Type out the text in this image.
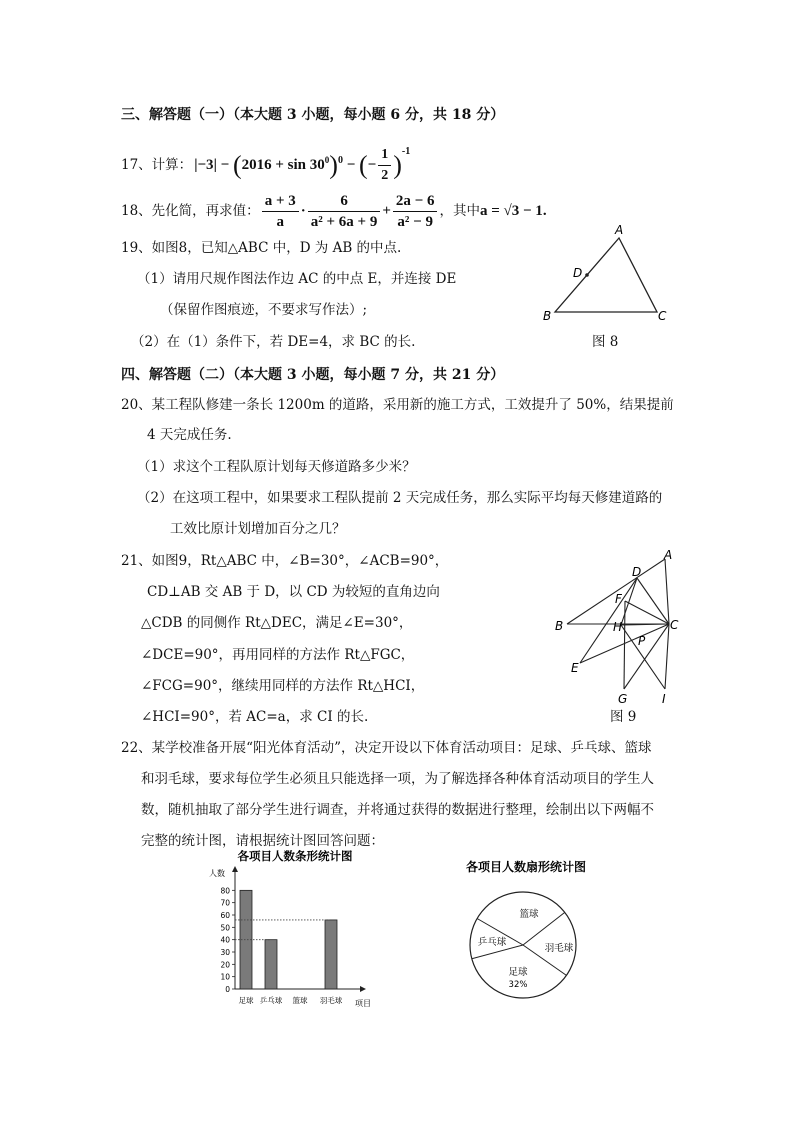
三、解答题（一）（本大题 3 小题，每小题 6 分，共 18 分）
17、计算： $|-3| - (2016 + \sin 30^0)^0$ − (− $\frac{1}{2} )^{-1}$
18、先化简，再求值： $\frac{a + 3}{a} \cdot \frac{6}{\text{a² + 6a + 9}} + \frac{2a - 6}{\text{a² − 9}}$ ，其中 a = √3 − 1 .
19、如图8，已知△ABC 中，D 为 AB 的中点.
（1）请用尺规作图法作边 AC 的中点 E，并连接 DE
（保留作图痕迹，不要求写作法）;
（2）在（1）条件下，若 DE=4，求 BC 的长.
A
D
B	C
图 8
四、解答题（二）（本大题 3 小题，每小题 7 分，共 21 分）
20、某工程队修建一条长 1200m 的道路，采用新的施工方式，工效提升了 50%，结果提前
4 天完成任务.
（1）求这个工程队原计划每天修道路多少米？
（2）在这项工程中，如果要求工程队提前 2 天完成任务，那么实际平均每天修建道路的
工效比原计划增加百分之几？
21、如图9，Rt△ABC 中，∠B=30°，∠ACB=90°，
CD⊥AB 交 AB 于 D，以 CD 为较短的直角边向
△CDB 的同侧作 Rt△DEC，满足∠E=30°，
∠DCE=90°，再用同样的方法作 Rt△FGC，
∠FCG=90°，继续用同样的方法作 Rt△HCI，
∠HCI=90°，若 AC=a，求 CI 的长.
A
D
F
H
P
B	C
E
G	I
图 9
22、某学校准备开展“阳光体育活动”，决定开设以下体育活动项目：足球、乒乓球、篮球
和羽毛球，要求每位学生必须且只能选择一项，为了解选择各种体育活动项目的学生人
数，随机抽取了部分学生进行调查，并将通过获得的数据进行整理，绘制出以下两幅不
完整的统计图，请根据统计图回答问题：
各项目人数条形统计图
人数
项目
0
10
20
30
40
50
60
70
80
足球 乒乓球 篮球 羽毛球
各项目人数扇形统计图
篮球
羽毛球
足球
乒乓球
32%
